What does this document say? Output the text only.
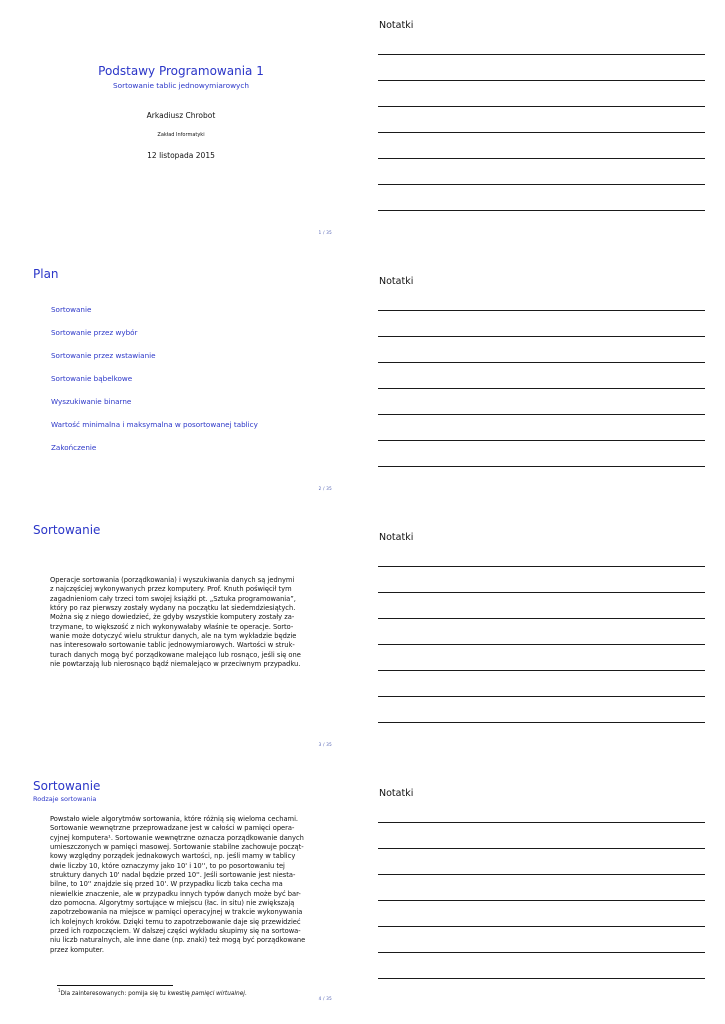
Podstawy Programowania 1
Sortowanie tablic jednowymiarowych
Arkadiusz Chrobot
Zakład Informatyki
12 listopada 2015
1 / 35
Notatki
Plan
Sortowanie
Sortowanie przez wybór
Sortowanie przez wstawianie
Sortowanie bąbelkowe
Wyszukiwanie binarne
Wartość minimalna i maksymalna w posortowanej tablicy
Zakończenie
2 / 35
Notatki
Sortowanie
Operacje sortowania (porządkowania) i wyszukiwania danych są jednymi
z najczęściej wykonywanych przez komputery. Prof. Knuth poświęcił tym
zagadnieniom cały trzeci tom swojej książki pt. „Sztuka programowania”,
który po raz pierwszy zostały wydany na początku lat siedemdziesiątych.
Można się z niego dowiedzieć, że gdyby wszystkie komputery zostały za-
trzymane, to większość z nich wykonywałaby właśnie te operacje. Sorto-
wanie może dotyczyć wielu struktur danych, ale na tym wykładzie będzie
nas interesowało sortowanie tablic jednowymiarowych. Wartości w struk-
turach danych mogą być porządkowane malejąco lub rosnąco, jeśli się one
nie powtarzają lub nierosnąco bądź niemalejąco w przeciwnym przypadku.
3 / 35
Notatki
Sortowanie
Rodzaje sortowania
Powstało wiele algorytmów sortowania, które różnią się wieloma cechami.
Sortowanie wewnętrzne przeprowadzane jest w całości w pamięci opera-
cyjnej komputera¹. Sortowanie wewnętrzne oznacza porządkowanie danych
umieszczonych w pamięci masowej. Sortowanie stabilne zachowuje począt-
kowy względny porządek jednakowych wartości, np. jeśli mamy w tablicy
dwie liczby 10, które oznaczymy jako 10' i 10'', to po posortowaniu tej
struktury danych 10' nadal będzie przed 10''. Jeśli sortowanie jest niesta-
bilne, to 10'' znajdzie się przed 10'. W przypadku liczb taka cecha ma
niewielkie znaczenie, ale w przypadku innych typów danych może być bar-
dzo pomocna. Algorytmy sortujące w miejscu (łac. in situ) nie zwiększają
zapotrzebowania na miejsce w pamięci operacyjnej w trakcie wykonywania
ich kolejnych kroków. Dzięki temu to zapotrzebowanie daje się przewidzieć
przed ich rozpoczęciem. W dalszej części wykładu skupimy się na sortowa-
niu liczb naturalnych, ale inne dane (np. znaki) też mogą być porządkowane
przez komputer.
$^1$Dla zainteresowanych: pomija się tu kwestię pamięci wirtualnej.
4 / 35
Notatki
